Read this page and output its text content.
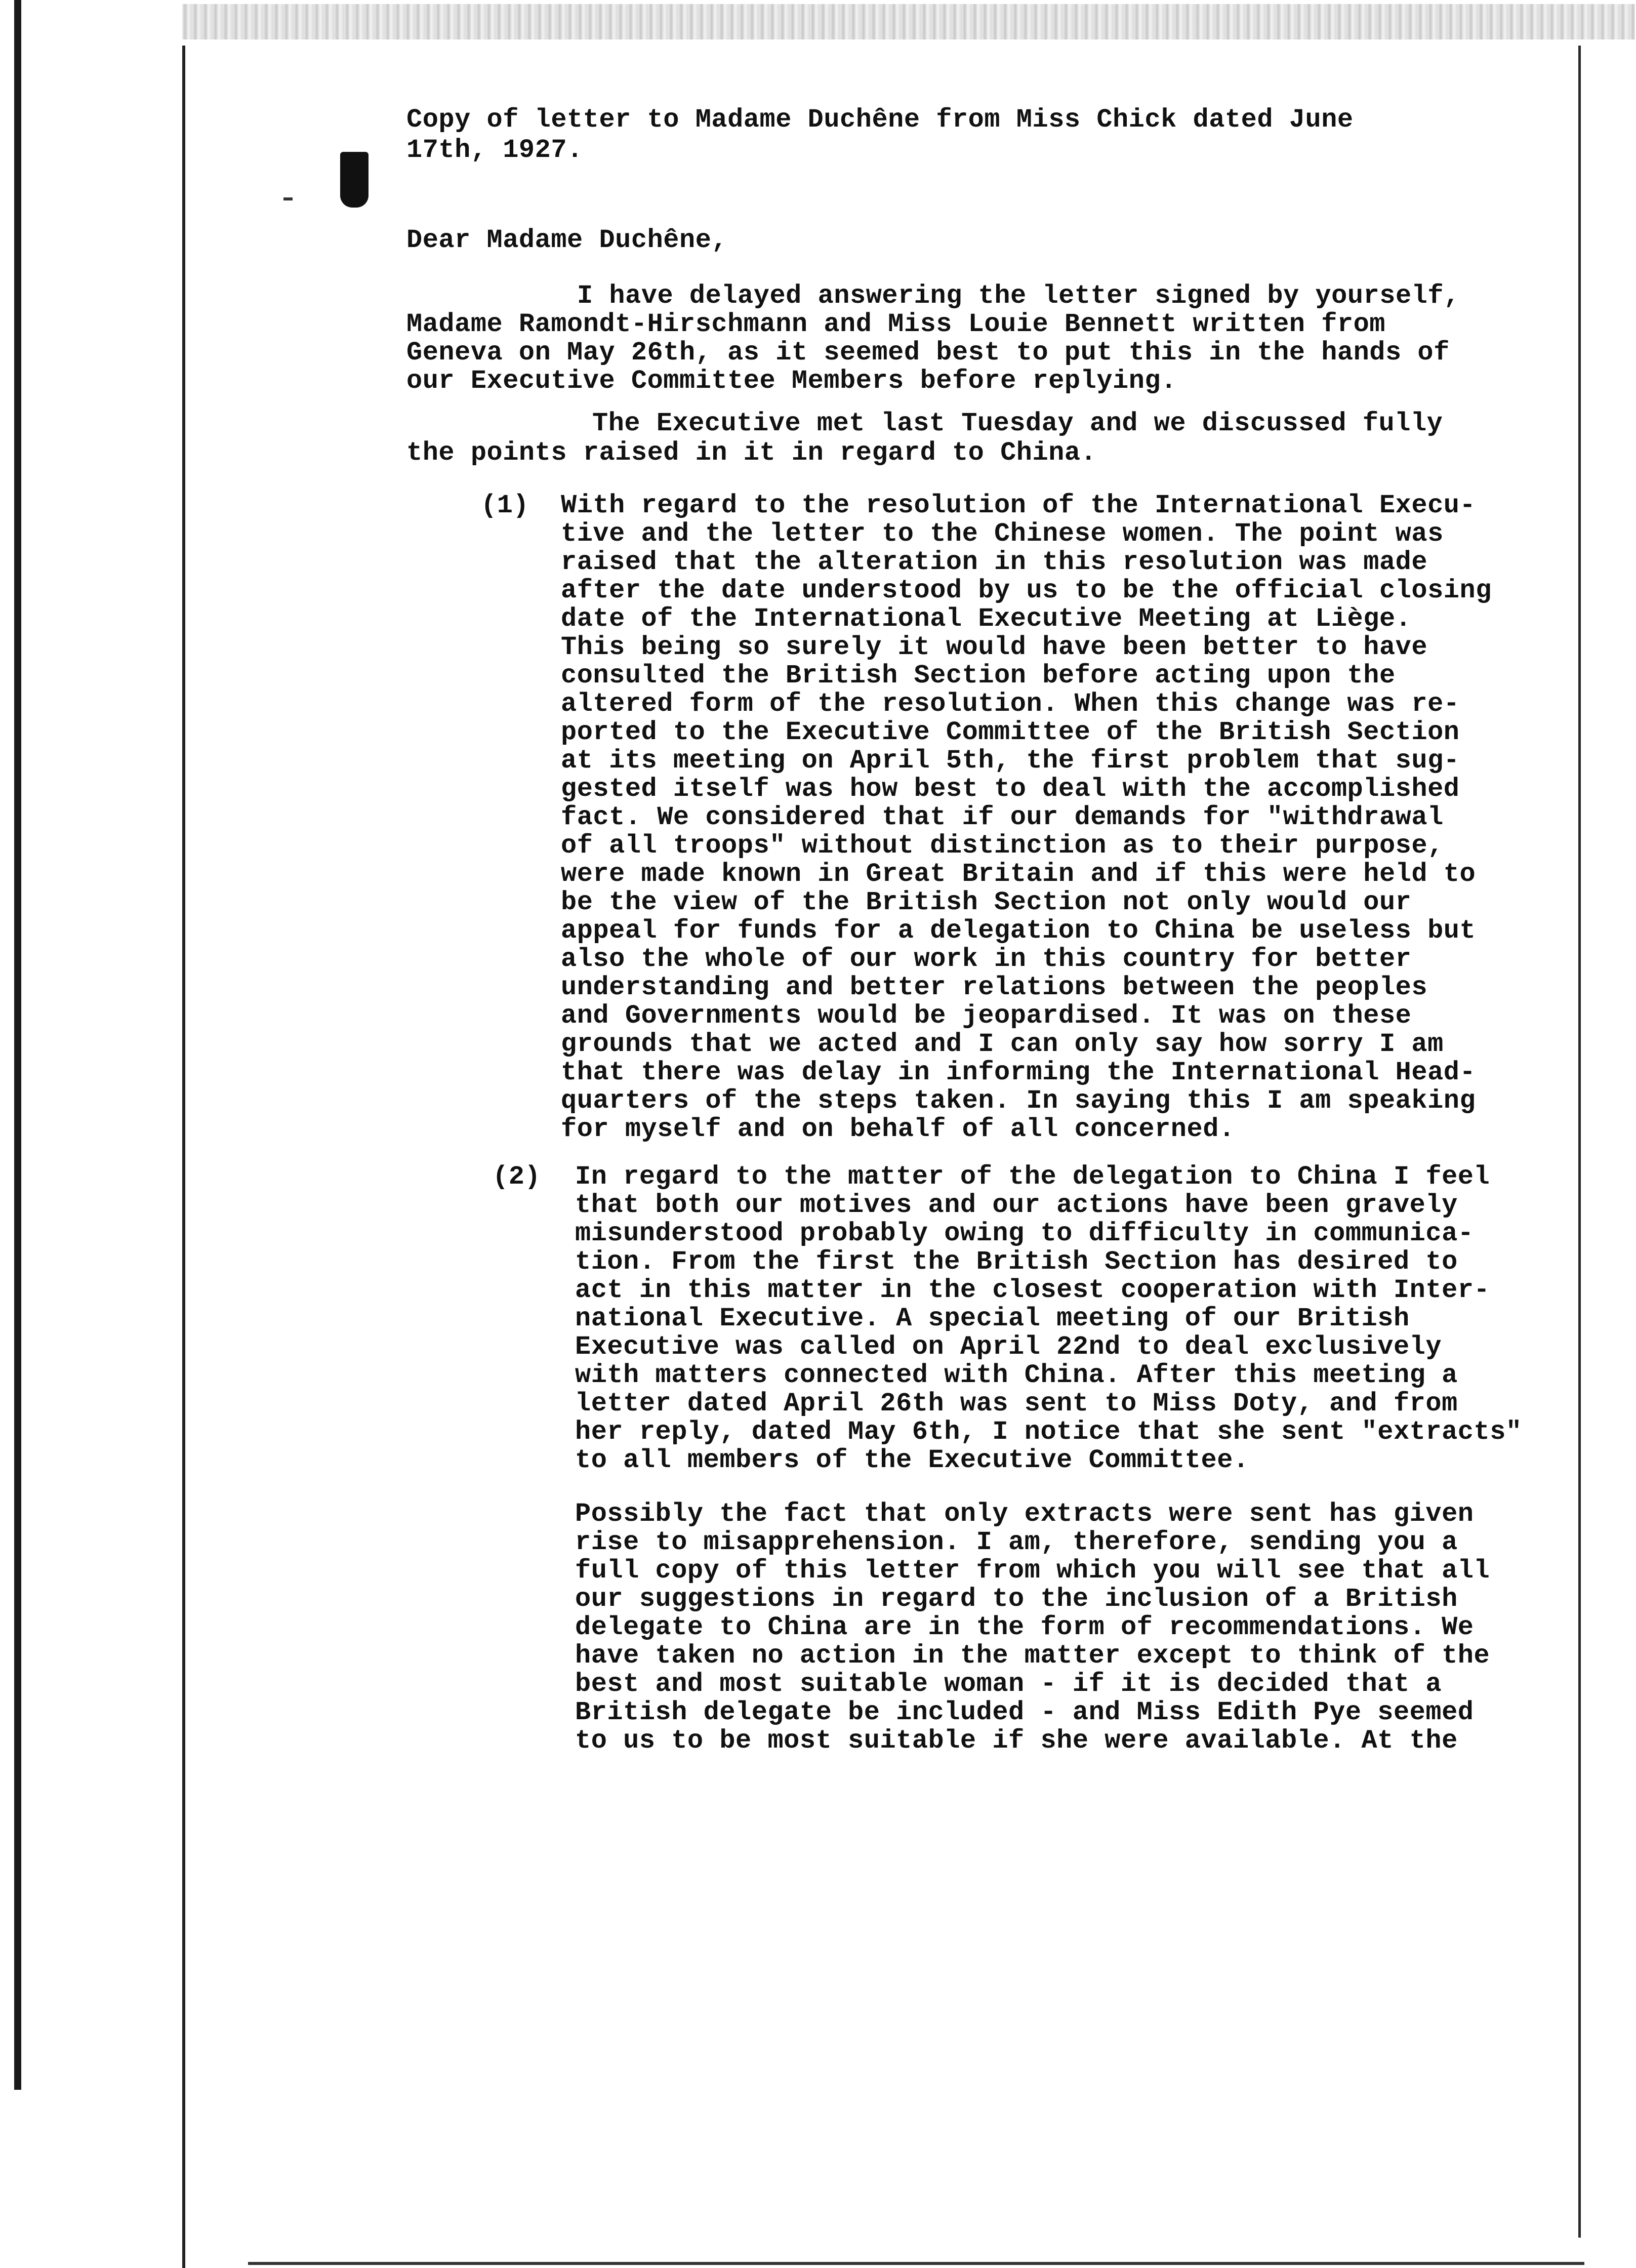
Copy of letter to Madame Duchêne from Miss Chick dated June

17th, 1927.

Dear Madame Duchêne,

I have delayed answering the letter signed by yourself,

Madame Ramondt-Hirschmann and Miss Louie Bennett written from

Geneva on May 26th, as it seemed best to put this in the hands of

our Executive Committee Members before replying.

The Executive met last Tuesday and we discussed fully

the points raised in it in regard to China.

(1) With regard to the resolution of the International Execu-

tive and the letter to the Chinese women. The point was

raised that the alteration in this resolution was made

after the date understood by us to be the official closing

date of the International Executive Meeting at Liège.

This being so surely it would have been better to have

consulted the British Section before acting upon the

altered form of the resolution. When this change was re-

ported to the Executive Committee of the British Section

at its meeting on April 5th, the first problem that sug-

gested itself was how best to deal with the accomplished

fact. We considered that if our demands for "withdrawal

of all troops" without distinction as to their purpose,

were made known in Great Britain and if this were held to

be the view of the British Section not only would our

appeal for funds for a delegation to China be useless but

also the whole of our work in this country for better

understanding and better relations between the peoples

and Governments would be jeopardised. It was on these

grounds that we acted and I can only say how sorry I am

that there was delay in informing the International Head-

quarters of the steps taken. In saying this I am speaking

for myself and on behalf of all concerned.

(2) In regard to the matter of the delegation to China I feel

that both our motives and our actions have been gravely

misunderstood probably owing to difficulty in communica-

tion. From the first the British Section has desired to

act in this matter in the closest cooperation with Inter-

national Executive. A special meeting of our British

Executive was called on April 22nd to deal exclusively

with matters connected with China. After this meeting a

letter dated April 26th was sent to Miss Doty, and from

her reply, dated May 6th, I notice that she sent "extracts"

to all members of the Executive Committee.

Possibly the fact that only extracts were sent has given

rise to misapprehension. I am, therefore, sending you a

full copy of this letter from which you will see that all

our suggestions in regard to the inclusion of a British

delegate to China are in the form of recommendations. We

have taken no action in the matter except to think of the

best and most suitable woman - if it is decided that a

British delegate be included - and Miss Edith Pye seemed

to us to be most suitable if she were available. At the
